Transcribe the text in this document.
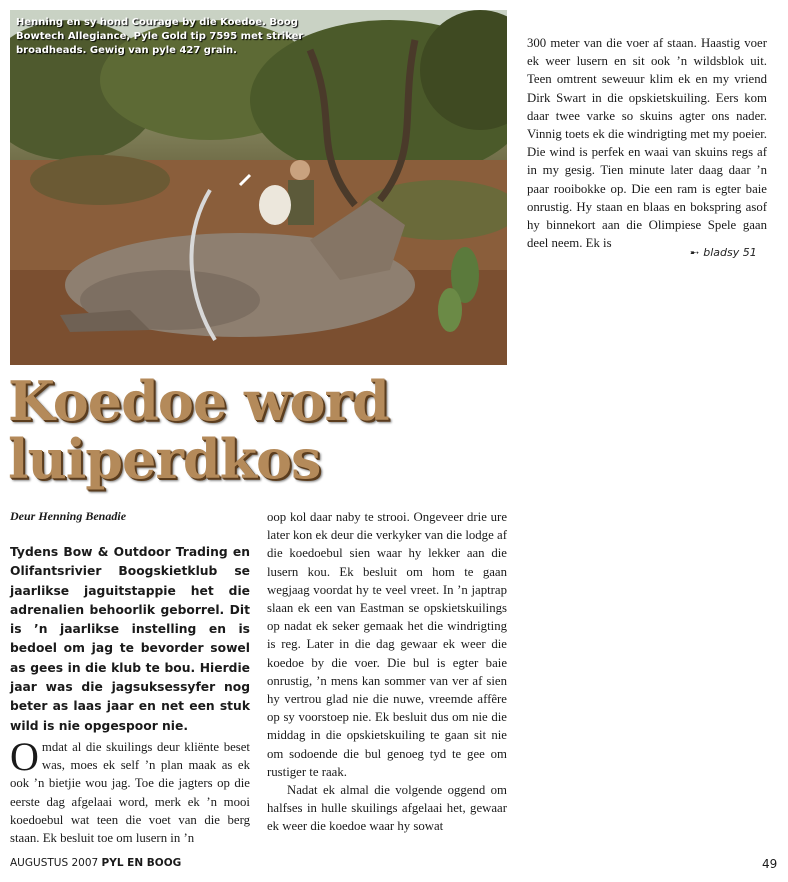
Henning en sy hond Courage by die Koedoe. Boog Bowtech Allegiance, Pyle Gold tip 7595 met striker broadheads. Gewig van pyle 427 grain.
300 meter van die voer af staan. Haastig voer ek weer lusern en sit ook ’n wildsblok uit. Teen omtrent seweuur klim ek en my vriend Dirk Swart in die opskietskuiling. Eers kom daar twee varke so skuins agter ons nader. Vinnig toets ek die windrigting met my poeier. Die wind is perfek en waai van skuins regs af in my gesig. Tien minute later daag daar ’n paar rooibokke op. Die een ram is egter baie onrustig. Hy staan en blaas en bokspring asof hy binnekort aan die Olimpiese Spele gaan deel neem. Ek is
➸ bladsy 51
Koedoe word
luiperdkos
Deur Henning Benadie
Tydens Bow & Outdoor Trading en Olifantsrivier Boogskietklub se jaarlikse jaguitstappie het die adrenalien behoorlik geborrel. Dit is ’n jaarlikse instelling en is bedoel om jag te bevorder sowel as gees in die klub te bou. Hierdie jaar was die jagsuksessyfer nog beter as laas jaar en net een stuk wild is nie opgespoor nie.
Omdat al die skuilings deur kliënte beset was, moes ek self ’n plan maak as ek ook ’n bietjie wou jag. Toe die jagters op die eerste dag afgelaai word, merk ek ’n mooi koedoebul wat teen die voet van die berg staan. Ek besluit toe om lusern in ’n

oop kol daar naby te strooi. Ongeveer drie ure later kon ek deur die verkyker van die lodge af die koedoebul sien waar hy lekker aan die lusern kou. Ek besluit om hom te gaan wegjaag voordat hy te veel vreet. In ’n japtrap slaan ek een van Eastman se opskietskuilings op nadat ek seker gemaak het die windrigting is reg. Later in die dag gewaar ek weer die koedoe by die voer. Die bul is egter baie onrustig, ’n mens kan sommer van ver af sien hy vertrou glad nie die nuwe, vreemde affêre op sy voorstoep nie. Ek besluit dus om nie die middag in die opskietskuiling te gaan sit nie om sodoende die bul genoeg tyd te gee om rustiger te raak.

Nadat ek almal die volgende oggend om halfses in hulle skuilings afgelaai het, gewaar ek weer die koedoe waar hy sowat

AUGUSTUS 2007 PYL EN BOOG	49
